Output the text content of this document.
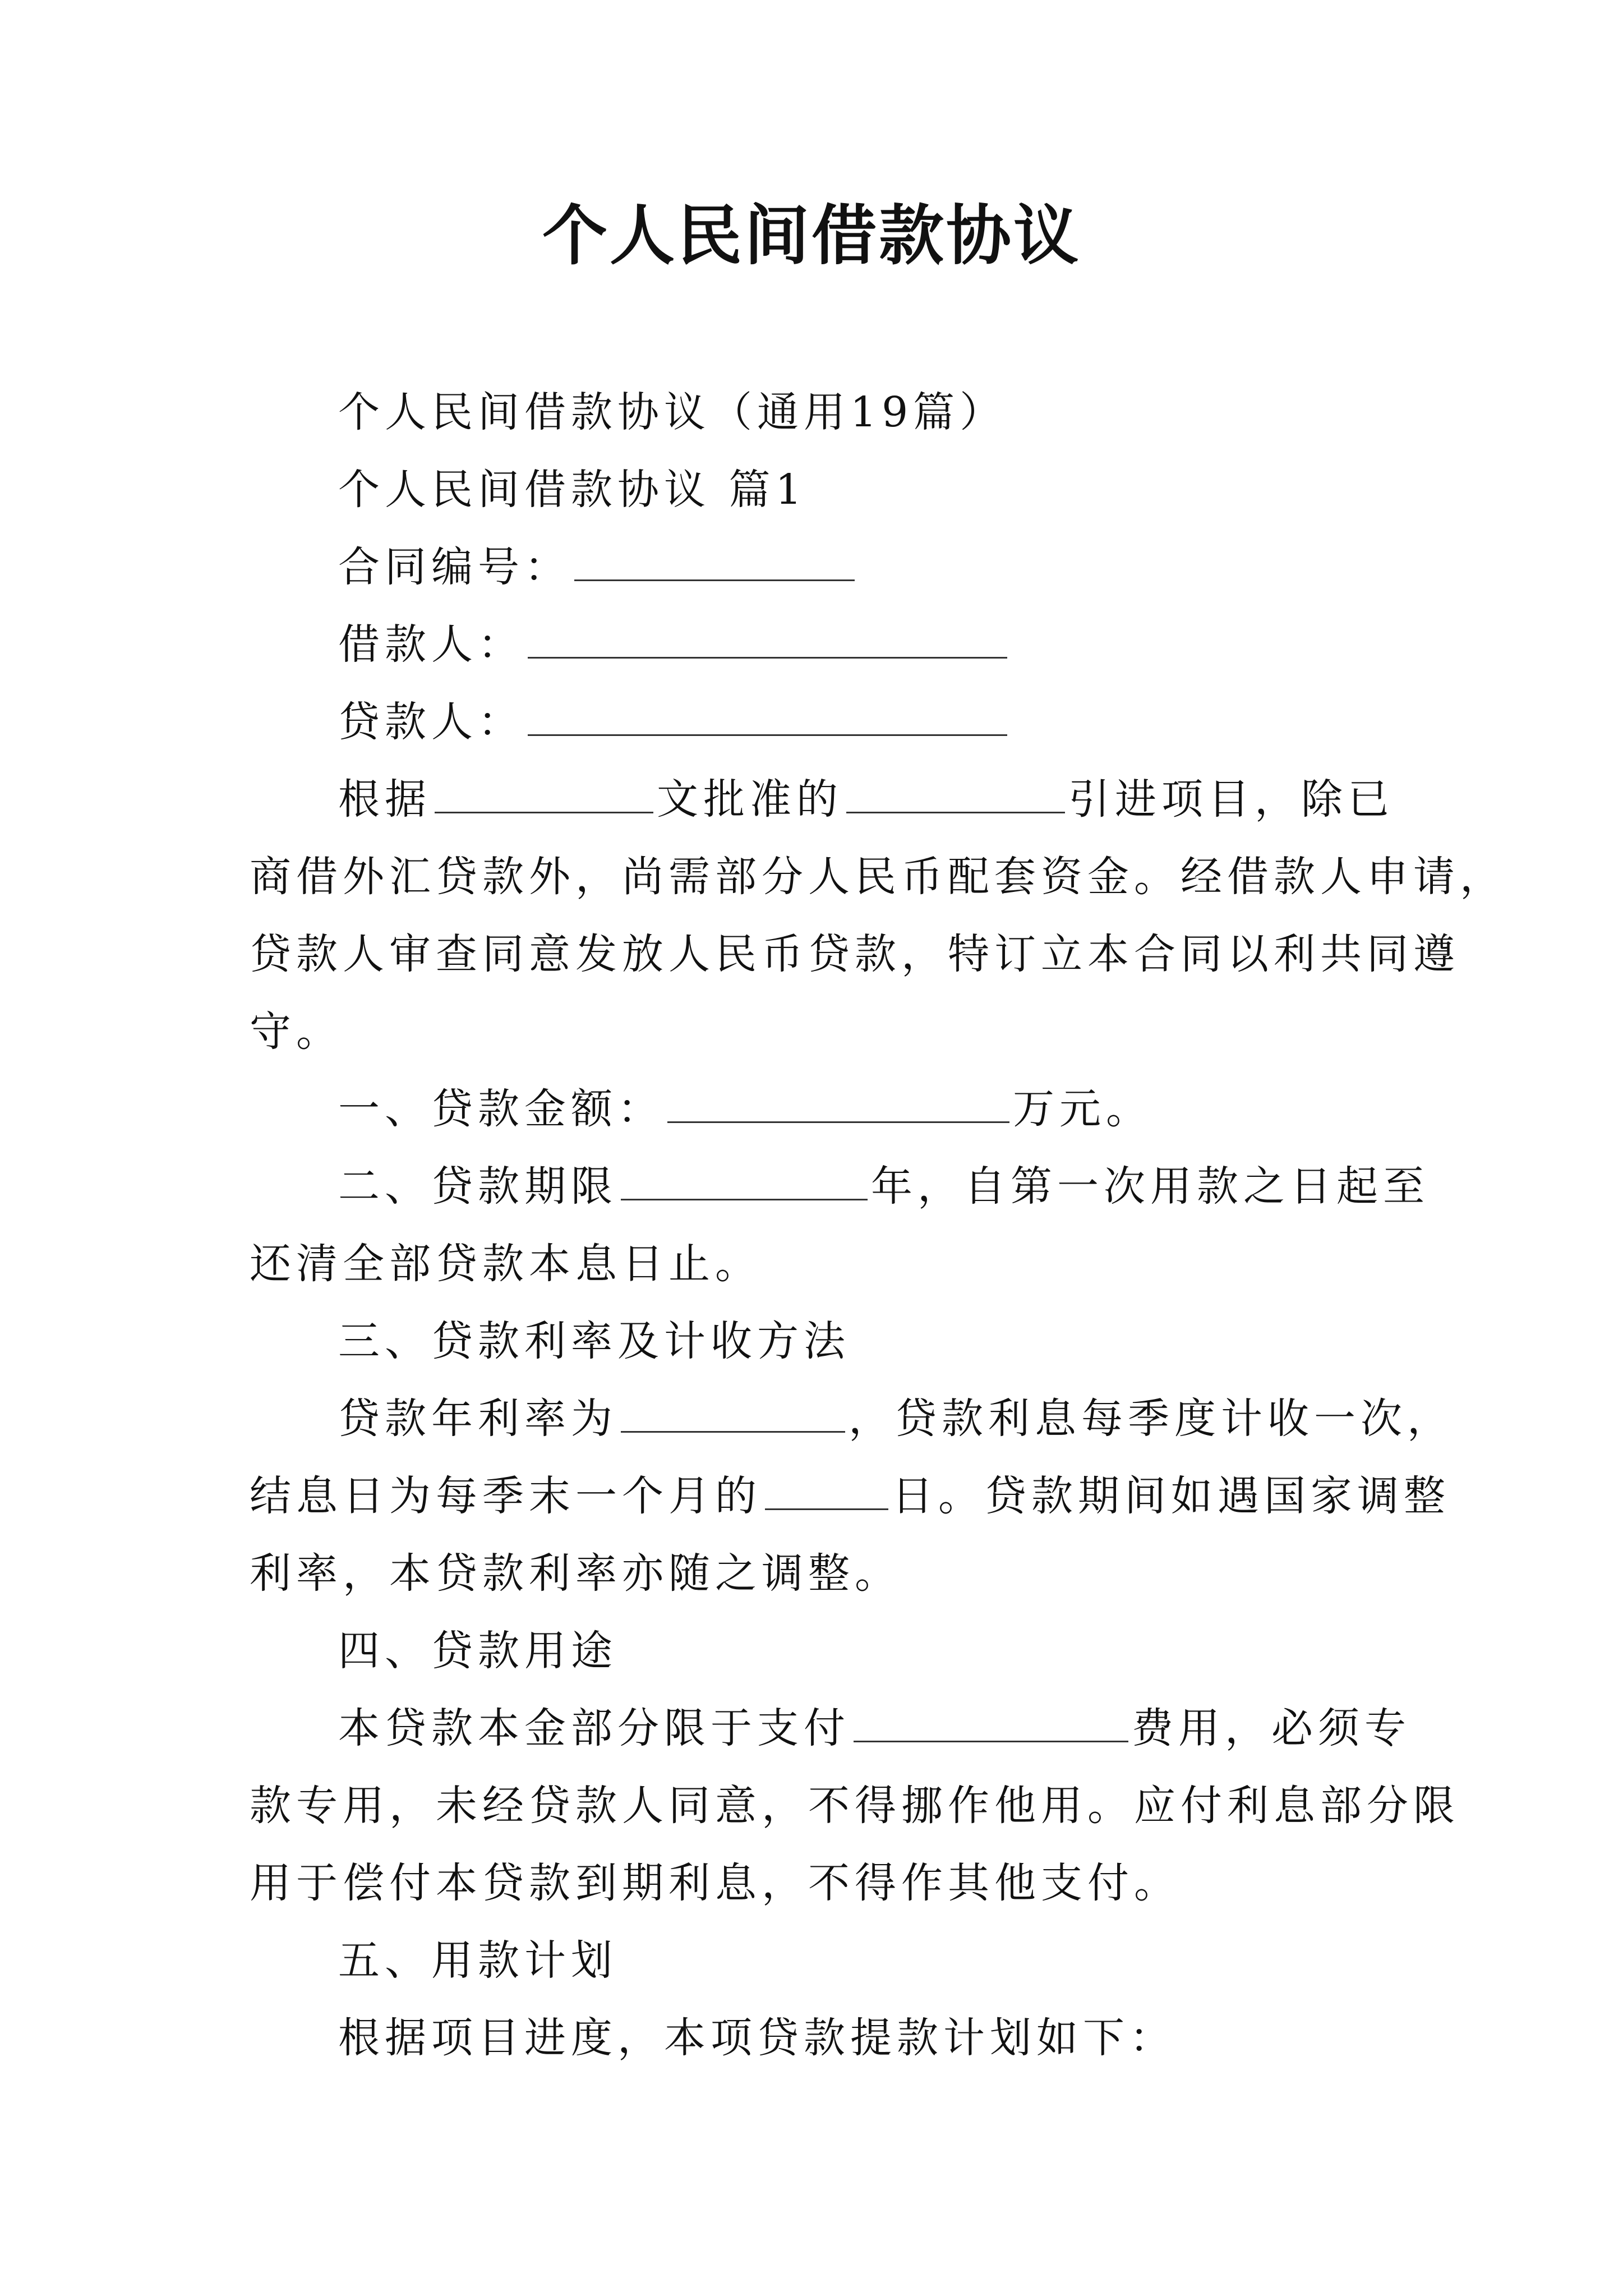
个人民间借款协议

个人民间借款协议（通用19篇）

个人民间借款协议 篇1

合同编号：

借款人：

贷款人：

根据	文批准的	引进项目，除已

商借外汇贷款外，尚需部分人民币配套资金。经借款人申请，

贷款人审查同意发放人民币贷款，特订立本合同以利共同遵

守。

一、贷款金额：	万元。

二、贷款期限	年，自第一次用款之日起至

还清全部贷款本息日止。

三、贷款利率及计收方法

贷款年利率为	，贷款利息每季度计收一次，

结息日为每季末一个月的	日。贷款期间如遇国家调整

利率，本贷款利率亦随之调整。

四、贷款用途

本贷款本金部分限于支付	费用，必须专

款专用，未经贷款人同意，不得挪作他用。应付利息部分限

用于偿付本贷款到期利息，不得作其他支付。

五、用款计划

根据项目进度，本项贷款提款计划如下：
